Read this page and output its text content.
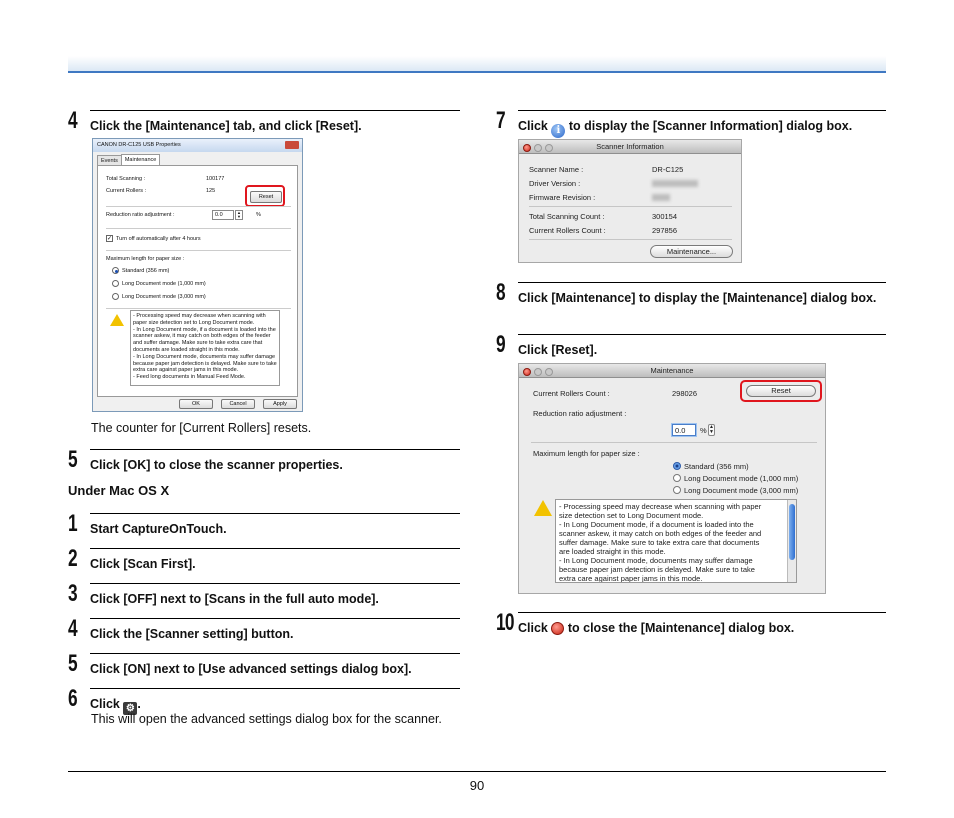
4 Click the [Maintenance] tab, and click [Reset].
CANON DR-C125 USB Properties
Events Maintenance
Total Scanning :	100177
Current Rollers :	125
Reset
Reduction ratio adjustment :	0.0	▲
▼	%
✓ Turn off automatically after 4 hours
Maximum length for paper size :
Standard (356 mm)
Long Document mode (1,000 mm)
Long Document mode (3,000 mm)
- Processing speed may decrease when scanning with paper size detection set to Long Document mode.
- In Long Document mode, if a document is loaded into the scanner askew, it may catch on both edges of the feeder and suffer damage. Make sure to take extra care that documents are loaded straight in this mode.
- In Long Document mode, documents may suffer damage because paper jam detection is delayed. Make sure to take extra care against paper jams in this mode.
- Feed long documents in Manual Feed Mode.
OK	Cancel	Apply
The counter for [Current Rollers] resets.
5 Click [OK] to close the scanner properties.
Under Mac OS X
1 Start CaptureOnTouch.
2 Click [Scan First].
3 Click [OFF] next to [Scans in the full auto mode].
4 Click the [Scanner setting] button.
5 Click [ON] next to [Use advanced settings dialog box].
6 Click ⚙ .
This will open the advanced settings dialog box for the scanner.
7 Click i to display the [Scanner Information] dialog box.
Scanner Information
Scanner Name :	DR-C125
Driver Version :
Firmware Revision :
Total Scanning Count :	300154
Current Rollers Count :	297856
Maintenance...
8 Click [Maintenance] to display the [Maintenance] dialog box.
9 Click [Reset].
Maintenance
Current Rollers Count :	298026	Reset
Reduction ratio adjustment :
0.0	% ▲
▼
Maximum length for paper size :
Standard (356 mm)
Long Document mode (1,000 mm)
Long Document mode (3,000 mm)
- Processing speed may decrease when scanning with paper
size detection set to Long Document mode.
- In Long Document mode, if a document is loaded into the
scanner askew, it may catch on both edges of the feeder and
suffer damage. Make sure to take extra care that documents
are loaded straight in this mode.
- In Long Document mode, documents may suffer damage
because paper jam detection is delayed. Make sure to take
extra care against paper jams in this mode.
10 Click to close the [Maintenance] dialog box.
90
